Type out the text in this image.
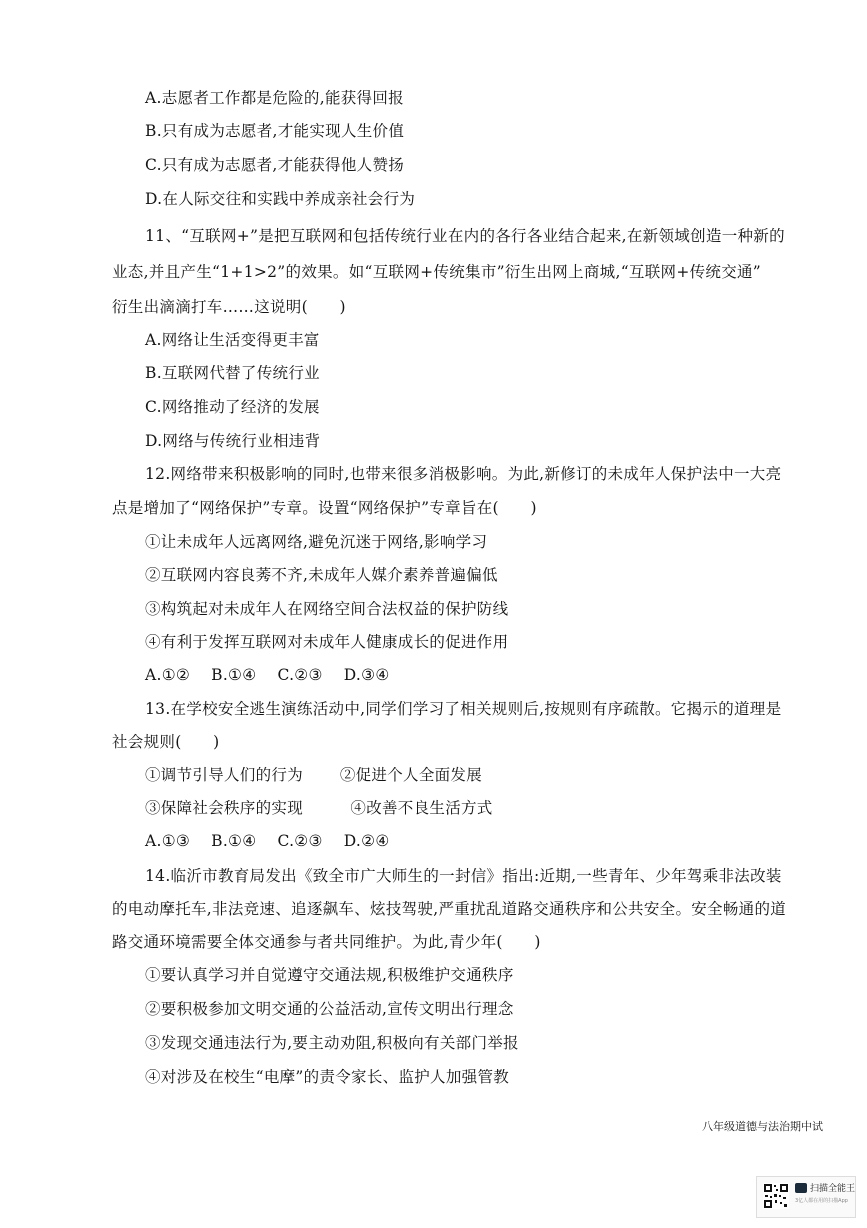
A.志愿者工作都是危险的,能获得回报
B.只有成为志愿者,才能实现人生价值
C.只有成为志愿者,才能获得他人赞扬
D.在人际交往和实践中养成亲社会行为
11、“互联网+”是把互联网和包括传统行业在内的各行各业结合起来,在新领域创造一种新的
业态,并且产生“1+1>2”的效果。如“互联网+传统集市”衍生出网上商城,“互联网+传统交通”
衍生出滴滴打车……这说明(　　)
A.网络让生活变得更丰富
B.互联网代替了传统行业
C.网络推动了经济的发展
D.网络与传统行业相违背
12.网络带来积极影响的同时,也带来很多消极影响。为此,新修订的未成年人保护法中一大亮
点是增加了“网络保护”专章。设置“网络保护”专章旨在(　　)
①让未成年人远离网络,避免沉迷于网络,影响学习
②互联网内容良莠不齐,未成年人媒介素养普遍偏低
③构筑起对未成年人在网络空间合法权益的保护防线
④有利于发挥互联网对未成年人健康成长的促进作用
A.①②　 B.①④　 C.②③　 D.③④
13.在学校安全逃生演练活动中,同学们学习了相关规则后,按规则有序疏散。它揭示的道理是
社会规则(　　)
①调节引导人们的行为　　 ②促进个人全面发展
③保障社会秩序的实现　　　④改善不良生活方式
A.①③　 B.①④　 C.②③　 D.②④
14.临沂市教育局发出《致全市广大师生的一封信》指出:近期,一些青年、少年驾乘非法改装
的电动摩托车,非法竞速、追逐飙车、炫技驾驶,严重扰乱道路交通秩序和公共安全。安全畅通的道
路交通环境需要全体交通参与者共同维护。为此,青少年(　　)
①要认真学习并自觉遵守交通法规,积极维护交通秩序
②要积极参加文明交通的公益活动,宣传文明出行理念
③发现交通违法行为,要主动劝阻,积极向有关部门举报
④对涉及在校生“电摩”的责令家长、监护人加强管教
八年级道德与法治期中试
扫描全能王
3亿人都在用的扫描App
